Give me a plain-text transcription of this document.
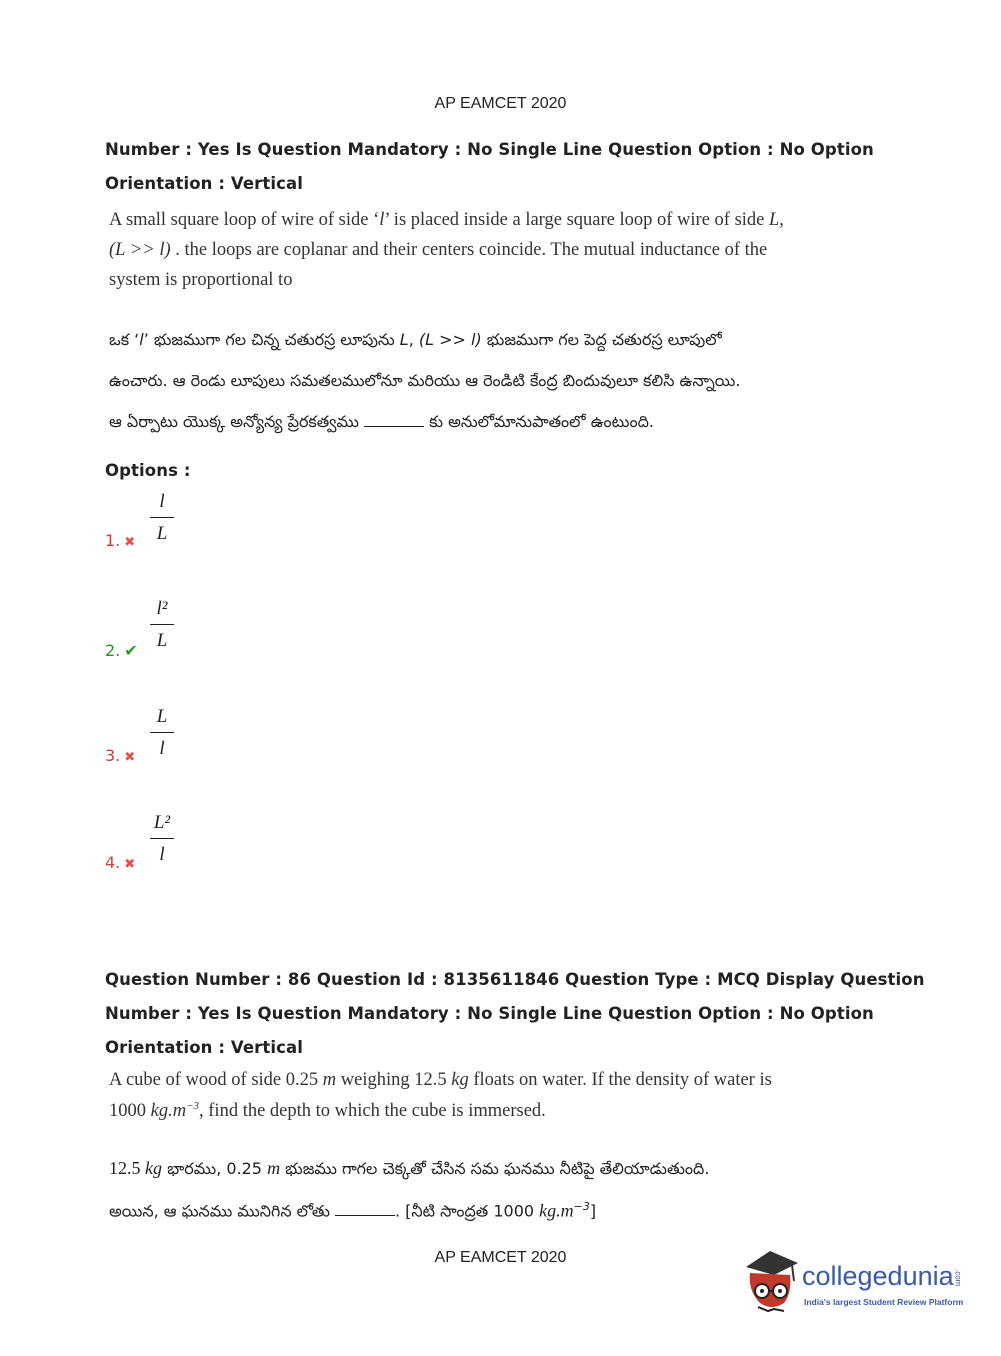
AP EAMCET 2020
Number : Yes Is Question Mandatory : No Single Line Question Option : No Option
Orientation : Vertical
A small square loop of wire of side ‘l’ is placed inside a large square loop of wire of side L,
(L >> l) . the loops are coplanar and their centers coincide. The mutual inductance of the
system is proportional to
ఒక ‘l’ భుజముగా గల చిన్న చతురస్ర లూపును L, (L >> l) భుజముగా గల పెద్ద చతురస్ర లూపులో
ఉంచారు. ఆ రెండు లూపులు సమతలములోనూ మరియు ఆ రెండిటి కేంద్ర బిందువులూ కలిసి ఉన్నాయి.
ఆ ఏర్పాటు యొక్క అన్యోన్య ప్రేరకత్వము	కు అనులోమానుపాతంలో ఉంటుంది.
Options :
l
L
1. ✖
l²
L
2. ✔
L
l
3. ✖
L²
l
4. ✖
Question Number : 86 Question Id : 8135611846 Question Type : MCQ Display Question
Number : Yes Is Question Mandatory : No Single Line Question Option : No Option
Orientation : Vertical
A cube of wood of side 0.25 m weighing 12.5 kg floats on water. If the density of water is
1000 $kg.m^{-3}$, find the depth to which the cube is immersed.
12.5 kg భారము, 0.25 m భుజము గాగల చెక్కతో చేసిన సమ ఘనము నీటిపై తేలియాడుతుంది.
అయిన, ఆ ఘనము మునిగిన లోతు	. [నీటి సాంద్రత 1000 $kg.m^{-3}$]
AP EAMCET 2020
collegedunia.com
India's largest Student Review Platform
